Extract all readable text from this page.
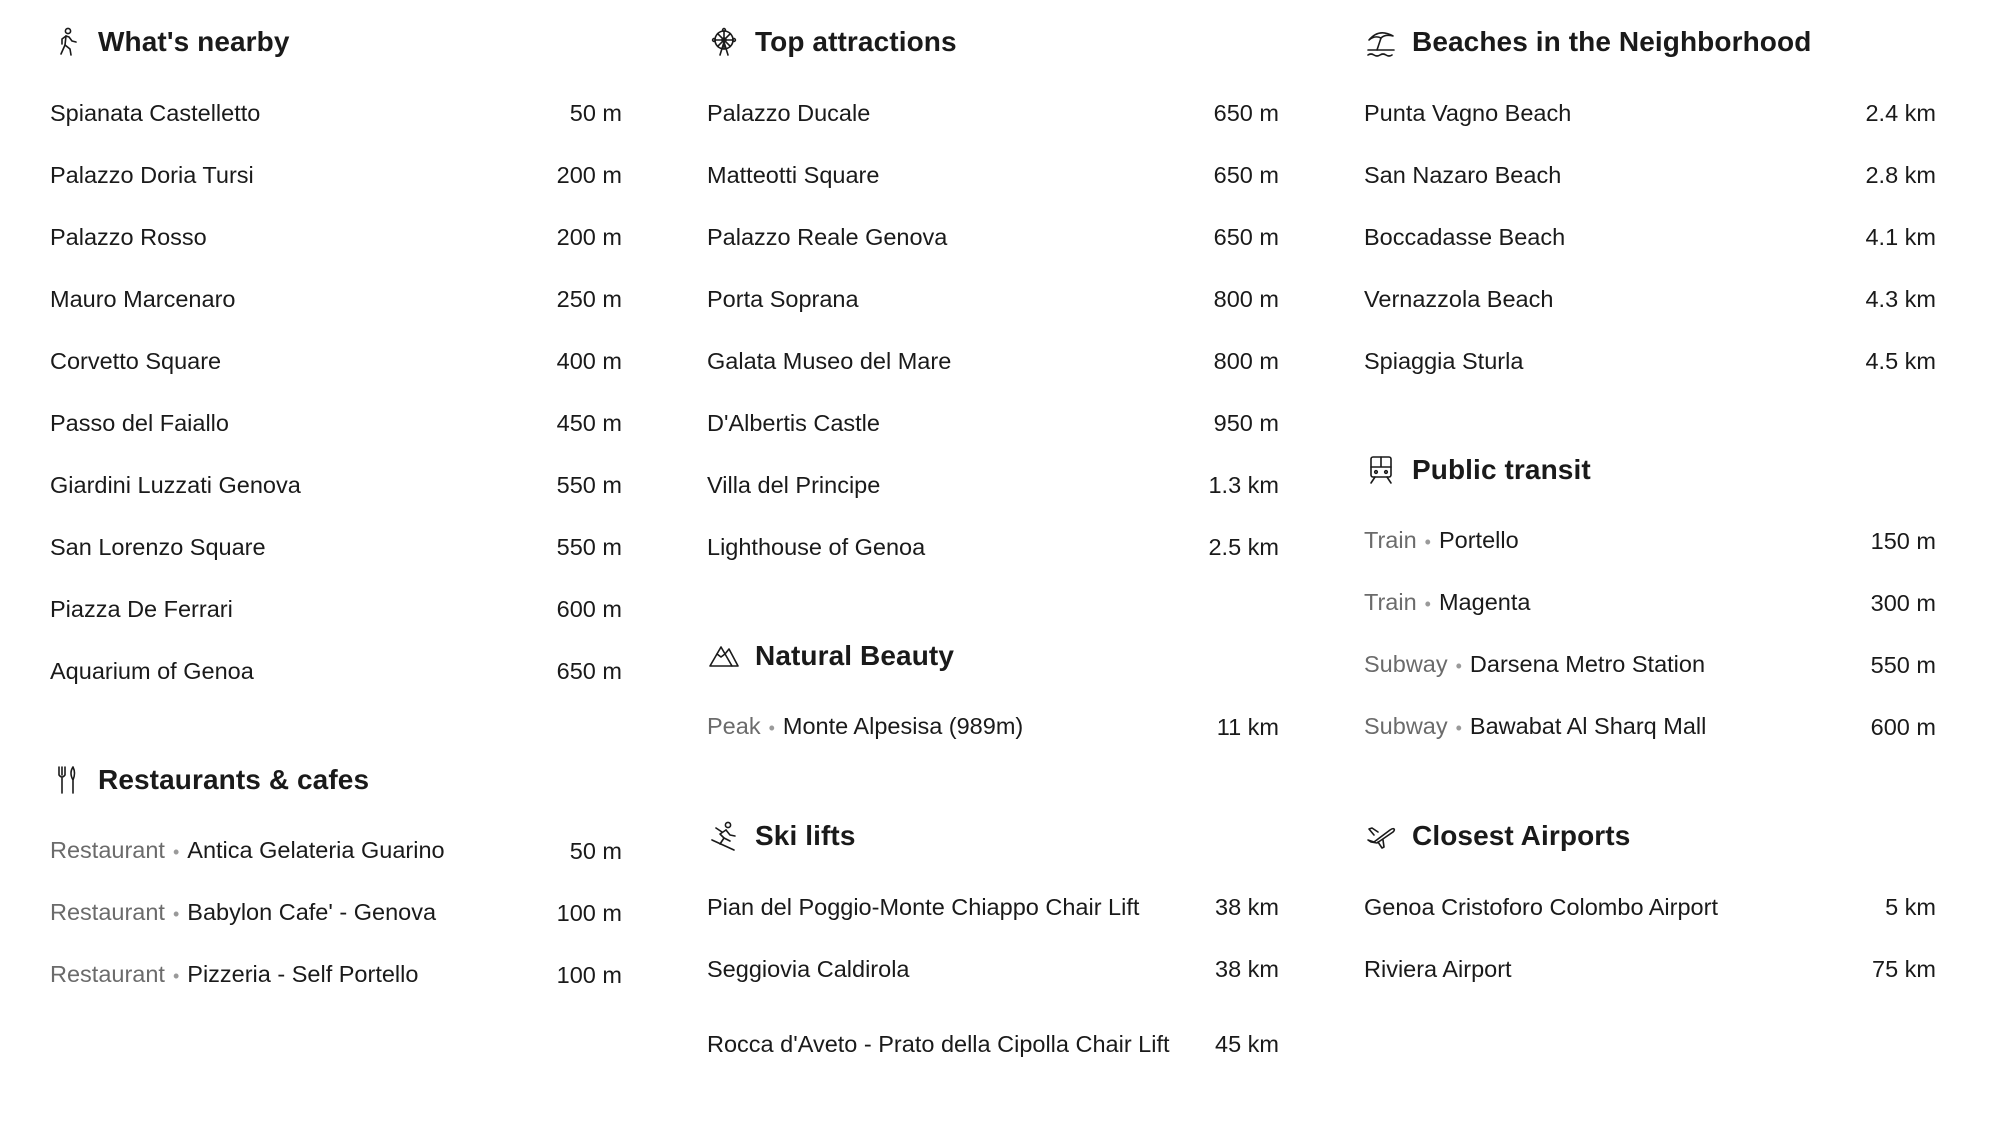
What's nearby
Spianata Castelletto	50 m
Palazzo Doria Tursi	200 m
Palazzo Rosso	200 m
Mauro Marcenaro	250 m
Corvetto Square	400 m
Passo del Faiallo	450 m
Giardini Luzzati Genova	550 m
San Lorenzo Square	550 m
Piazza De Ferrari	600 m
Aquarium of Genoa	650 m
Restaurants & cafes
Restaurant • Antica Gelateria Guarino	50 m
Restaurant • Babylon Cafe' - Genova	100 m
Restaurant • Pizzeria - Self Portello	100 m
Top attractions
Palazzo Ducale	650 m
Matteotti Square	650 m
Palazzo Reale Genova	650 m
Porta Soprana	800 m
Galata Museo del Mare	800 m
D'Albertis Castle	950 m
Villa del Principe	1.3 km
Lighthouse of Genoa	2.5 km
Natural Beauty
Peak • Monte Alpesisa (989m)	11 km
Ski lifts
Pian del Poggio-Monte Chiappo Chair Lift	38 km
Seggiovia Caldirola	38 km
Rocca d'Aveto - Prato della Cipolla Chair Lift	45 km
Beaches in the Neighborhood
Punta Vagno Beach	2.4 km
San Nazaro Beach	2.8 km
Boccadasse Beach	4.1 km
Vernazzola Beach	4.3 km
Spiaggia Sturla	4.5 km
Public transit
Train • Portello	150 m
Train • Magenta	300 m
Subway • Darsena Metro Station	550 m
Subway • Bawabat Al Sharq Mall	600 m
Closest Airports
Genoa Cristoforo Colombo Airport	5 km
Riviera Airport	75 km
